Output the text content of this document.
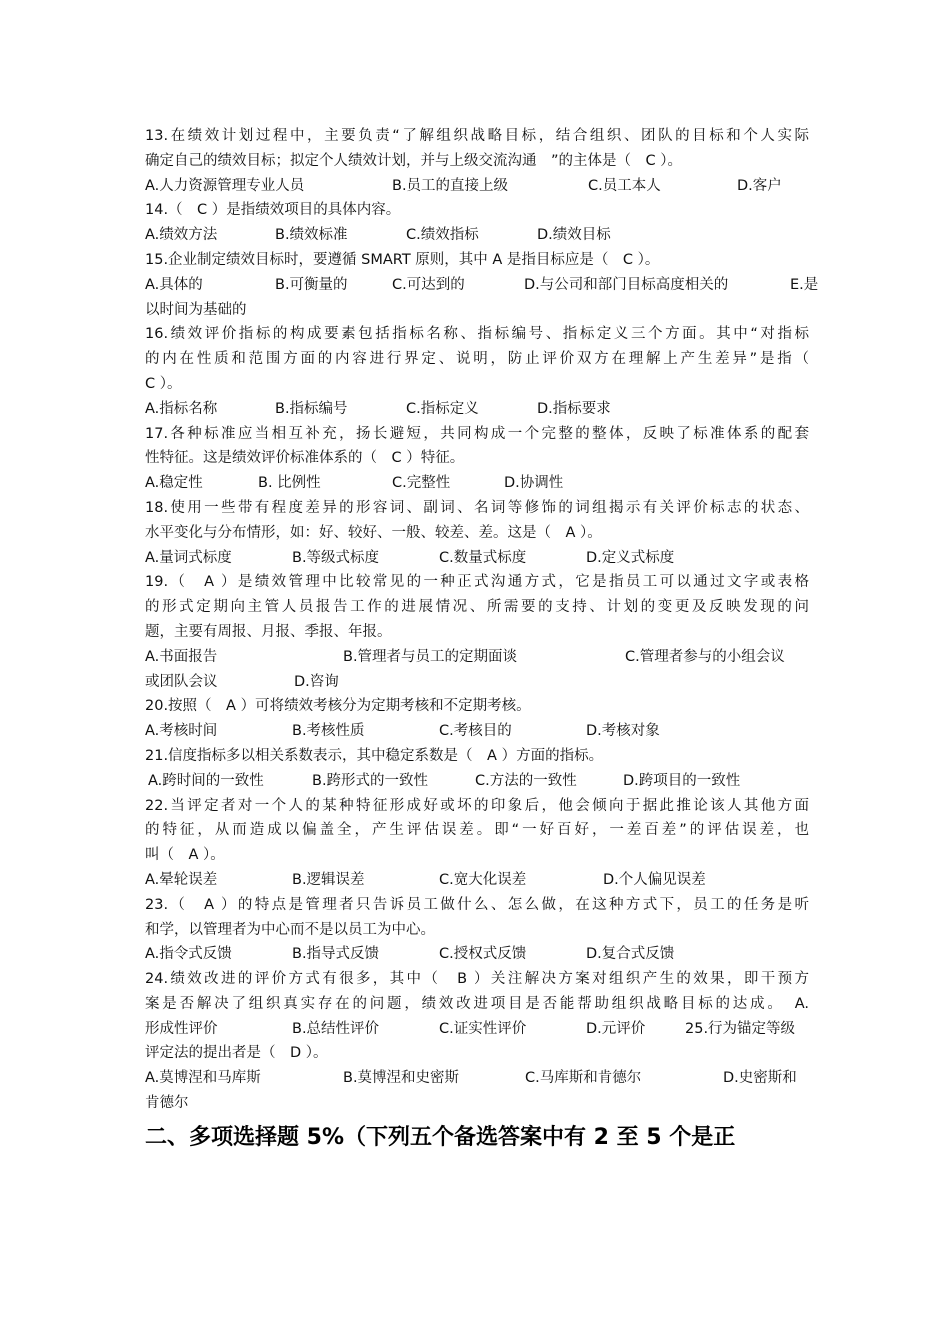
13.在绩效计划过程中，主要负责“了解组织战略目标，结合组织、团队的目标和个人实际
确定自己的绩效目标；拟定个人绩效计划，并与上级交流沟通　”的主体是（　C ）。
A.人力资源管理专业人员	B.员工的直接上级	C.员工本人	D.客户
14.（　C ）是指绩效项目的具体内容。
A.绩效方法	B.绩效标准	C.绩效指标	D.绩效目标
15.企业制定绩效目标时，要遵循 SMART 原则，其中 A 是指目标应是（　C ）。
A.具体的	B.可衡量的	C.可达到的	D.与公司和部门目标高度相关的	E.是
以时间为基础的
16.绩效评价指标的构成要素包括指标名称、指标编号、指标定义三个方面。其中“对指标
的内在性质和范围方面的内容进行界定、说明，防止评价双方在理解上产生差异”是指（
C ）。
A.指标名称	B.指标编号	C.指标定义	D.指标要求
17.各种标准应当相互补充，扬长避短，共同构成一个完整的整体，反映了标准体系的配套
性特征。这是绩效评价标准体系的（　C ）特征。
A.稳定性	B. 比例性	C.完整性	D.协调性
18.使用一些带有程度差异的形容词、副词、名词等修饰的词组揭示有关评价标志的状态、
水平变化与分布情形，如：好、较好、一般、较差、差。这是（　A ）。
A.量词式标度	B.等级式标度	C.数量式标度	D.定义式标度
19.（　A ）是绩效管理中比较常见的一种正式沟通方式，它是指员工可以通过文字或表格
的形式定期向主管人员报告工作的进展情况、所需要的支持、计划的变更及反映发现的问
题，主要有周报、月报、季报、年报。
A.书面报告	B.管理者与员工的定期面谈	C.管理者参与的小组会议
或团队会议	D.咨询
20.按照（　A ）可将绩效考核分为定期考核和不定期考核。
A.考核时间	B.考核性质	C.考核目的	D.考核对象
21.信度指标多以相关系数表示，其中稳定系数是（　A ）方面的指标。
A.跨时间的一致性	B.跨形式的一致性	C.方法的一致性	D.跨项目的一致性
22.当评定者对一个人的某种特征形成好或坏的印象后，他会倾向于据此推论该人其他方面
的特征，从而造成以偏盖全，产生评估误差。即“一好百好，一差百差”的评估误差，也
叫（　A ）。
A.晕轮误差	B.逻辑误差	C.宽大化误差	D.个人偏见误差
23.（　A ）的特点是管理者只告诉员工做什么、怎么做，在这种方式下，员工的任务是听
和学，以管理者为中心而不是以员工为中心。
A.指令式反馈	B.指导式反馈	C.授权式反馈	D.复合式反馈
24.绩效改进的评价方式有很多，其中（　B ）关注解决方案对组织产生的效果，即干预方
案是否解决了组织真实存在的问题，绩效改进项目是否能帮助组织战略目标的达成。　A.
形成性评价	B.总结性评价	C.证实性评价	D.元评价	25.行为锚定等级
评定法的提出者是（　D ）。
A.莫博涅和马库斯	B.莫博涅和史密斯	C.马库斯和肯德尔	D.史密斯和
肯德尔
二、多项选择题 5%（下列五个备选答案中有 2 至 5 个是正
